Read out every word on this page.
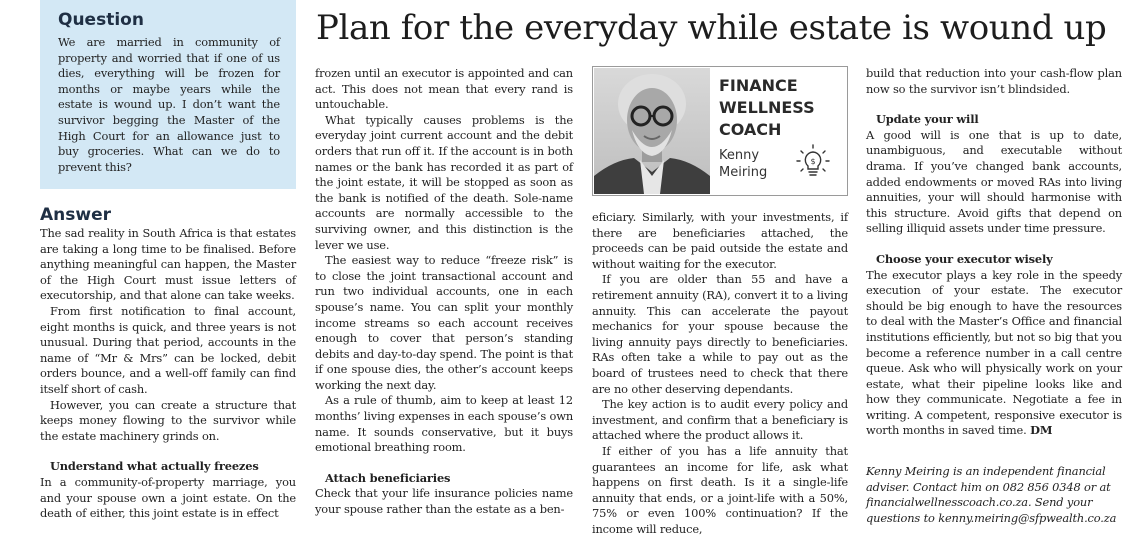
Question
We are married in community of property and worried that if one of us dies, everything will be frozen for months or maybe years while the estate is wound up. I don’t want the survivor begging the Master of the High Court for an allowance just to buy groceries. What can we do to prevent this?
Plan for the everyday while estate is wound up
Answer

The sad reality in South Africa is that estates are taking a long time to be finalised. Before anything meaningful can happen, the Master of the High Court must issue letters of executorship, and that alone can take weeks.

From first notification to final account, eight months is quick, and three years is not unusual. During that period, accounts in the name of “Mr & Mrs” can be locked, debit orders bounce, and a well-off family can find itself short of cash.

However, you can create a structure that keeps money flowing to the survivor while the estate machinery grinds on.

Understand what actually freezes

In a community-of-property marriage, you and your spouse own a joint estate. On the death of either, this joint estate is in effect

frozen until an executor is appointed and can act. This does not mean that every rand is untouchable.

What typically causes problems is the everyday joint current account and the debit orders that run off it. If the account is in both names or the bank has recorded it as part of the joint estate, it will be stopped as soon as the bank is notified of the death. Sole-name accounts are normally accessible to the surviving owner, and this distinction is the lever we use.

The easiest way to reduce “freeze risk” is to close the joint transactional account and run two individual accounts, one in each spouse’s name. You can split your monthly income streams so each account receives enough to cover that person’s standing debits and day-to-day spend. The point is that if one spouse dies, the other’s account keeps working the next day.

As a rule of thumb, aim to keep at least 12 months’ living expenses in each spouse’s own name. It sounds conservative, but it buys emotional breathing room.

Attach beneficiaries

Check that your life insurance policies name your spouse rather than the estate as a ben-

FINANCE
WELLNESS
COACH
Kenny
Meiring
$

eficiary. Similarly, with your investments, if there are beneficiaries attached, the proceeds can be paid outside the estate and without waiting for the executor.

If you are older than 55 and have a retirement annuity (RA), convert it to a living annuity. This can accelerate the payout mechanics for your spouse because the living annuity pays directly to beneficiaries. RAs often take a while to pay out as the board of trustees need to check that there are no other deserving dependants.

The key action is to audit every policy and investment, and confirm that a beneficiary is attached where the product allows it.

If either of you has a life annuity that guarantees an income for life, ask what happens on first death. Is it a single-life annuity that ends, or a joint-life with a 50%, 75% or even 100% continuation? If the income will reduce,

build that reduction into your cash-flow plan now so the survivor isn’t blindsided.

Update your will

A good will is one that is up to date, unambiguous, and executable without drama. If you’ve changed bank accounts, added endowments or moved RAs into living annuities, your will should harmonise with this structure. Avoid gifts that depend on selling illiquid assets under time pressure.

Choose your executor wisely

The executor plays a key role in the speedy execution of your estate. The executor should be big enough to have the resources to deal with the Master’s Office and financial institutions efficiently, but not so big that you become a reference number in a call centre queue. Ask who will physically work on your estate, what their pipeline looks like and how they communicate. Negotiate a fee in writing. A competent, responsive executor is worth months in saved time. DM

Kenny Meiring is an independent financial adviser. Contact him on 082 856 0348 or at financialwellnesscoach.co.za. Send your questions to kenny.meiring@sfpwealth.co.za
